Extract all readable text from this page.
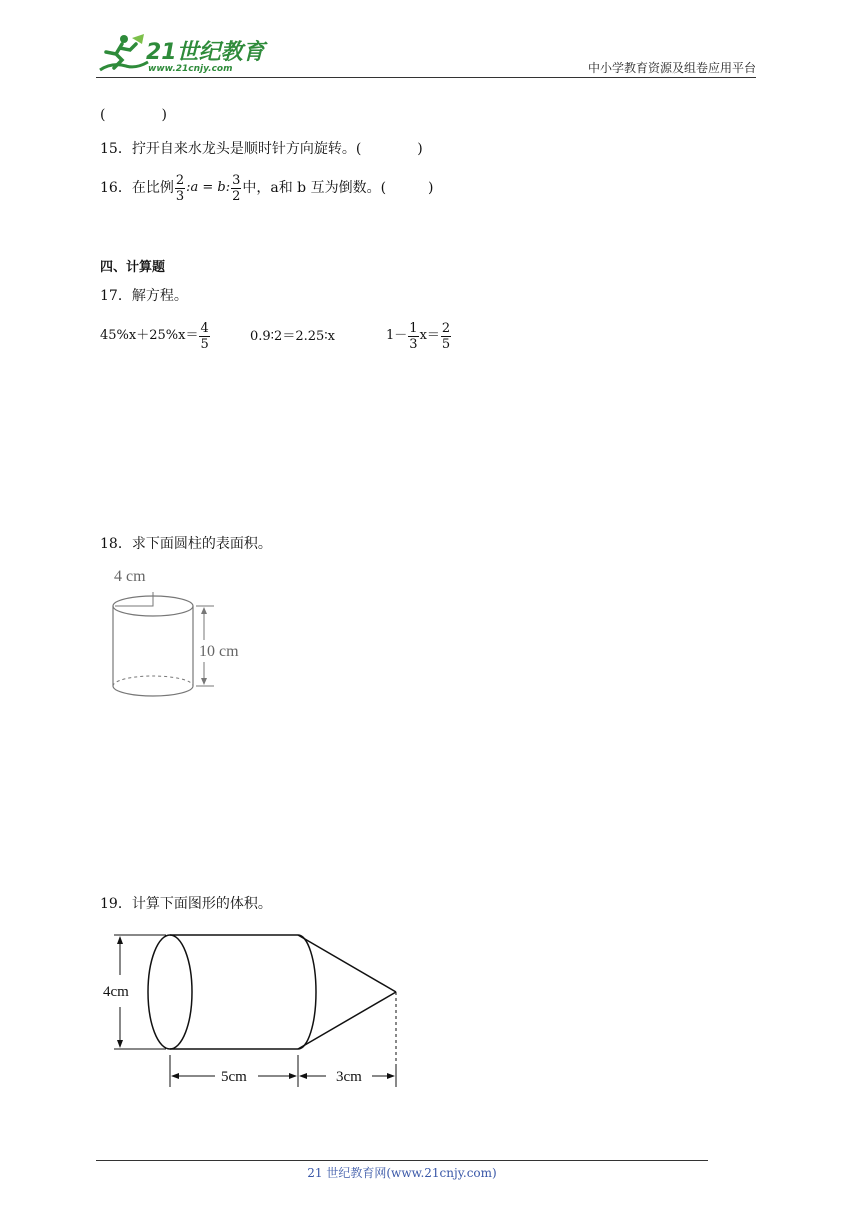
21世纪教育
www.21cnjy.com	中小学教育资源及组卷应用平台
(　　　　)
15．拧开自来水龙头是顺时针方向旋转。(　　　　)
16． 在比例 $\frac{2}{3}$ :a = b: $\frac{3}{2}$ 中，a和 b 互为倒数。(　　　)
四、计算题
17．解方程。
$45\%x+25\%x= \frac{4}{5}$	0.9∶2＝2.25∶x	$1- \frac{1}{3} x= \frac{2}{5}$
18．求下面圆柱的表面积。
4 cm
10 cm
19．计算下面图形的体积。
4cm
5cm	3cm
21 世纪教育网(www.21cnjy.com)
